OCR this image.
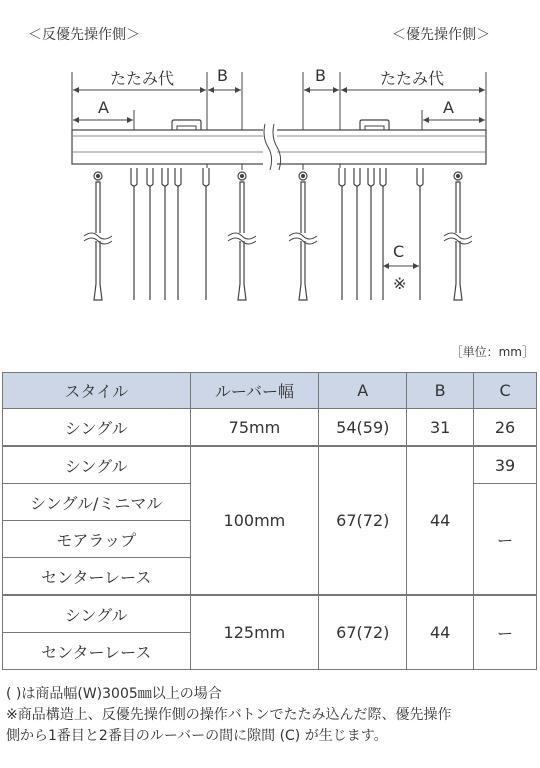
＜反優先操作側＞	＜優先操作側＞
たたみ代	B	B	たたみ代
A	A
C
※
［単位：mm］
スタイル	ルーバー幅	A	B	C
シングル	75mm	54(59)	31	26
シングル	100mm	67(72)	44	39
シングル/ミニマル				ー
モアラップ				
センターレース				
シングル	125mm	67(72)	44	ー
センターレース				
( )は商品幅(W)3005㎜以上の場合
※商品構造上、反優先操作側の操作バトンでたたみ込んだ際、優先操作
側から1番目と2番目のルーバーの間に隙間 (C) が生じます。
